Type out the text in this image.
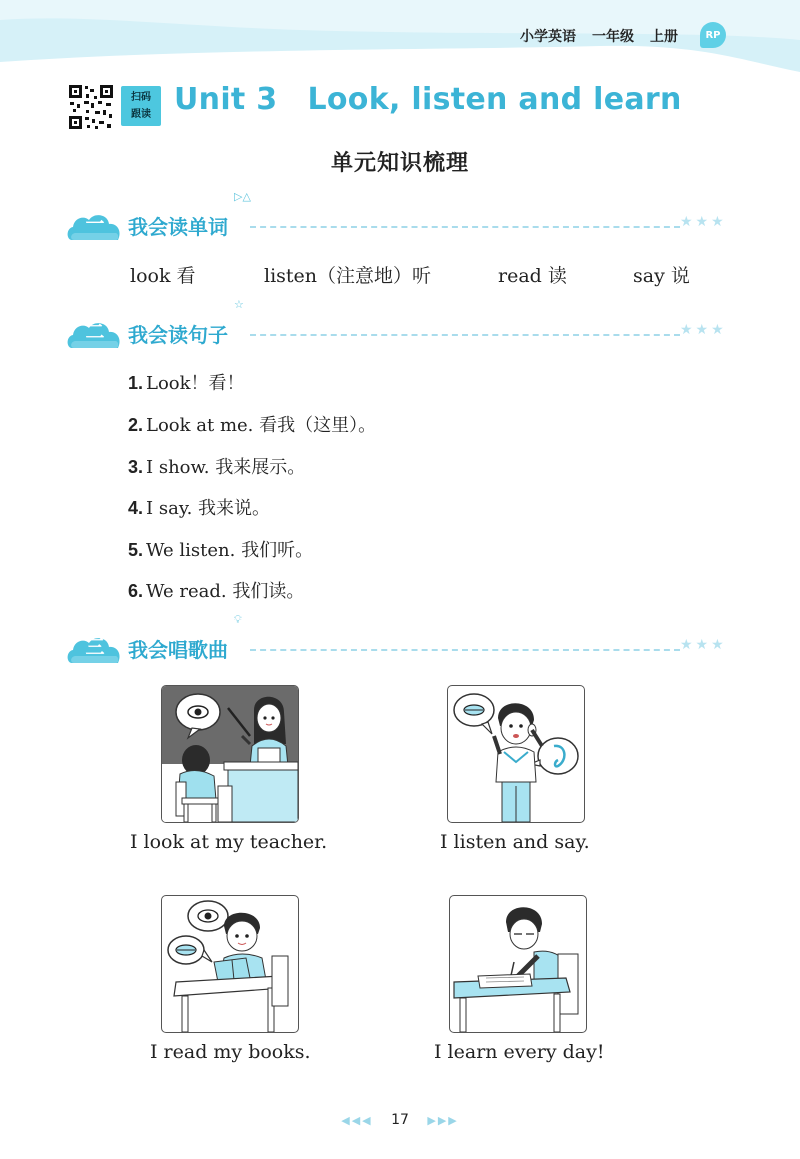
小学英语 一年级 上册	RP
扫码
跟读 Unit 3 Look, listen and learn
单元知识梳理
一	我会读单词
▷△
★★★
look 看	listen（注意地）听	read 读	say 说
二	我会读句子
☆
★★★
1. Look！看！
2. Look at me. 看我（这里）。
3. I show. 我来展示。
4. I say. 我来说。
5. We listen. 我们听。
6. We read. 我们读。
三	我会唱歌曲
💡︎
★★★
I look at my teacher.	I listen and say.
I read my books.	I learn every day!
◀◀◀ 17 ▶▶▶
